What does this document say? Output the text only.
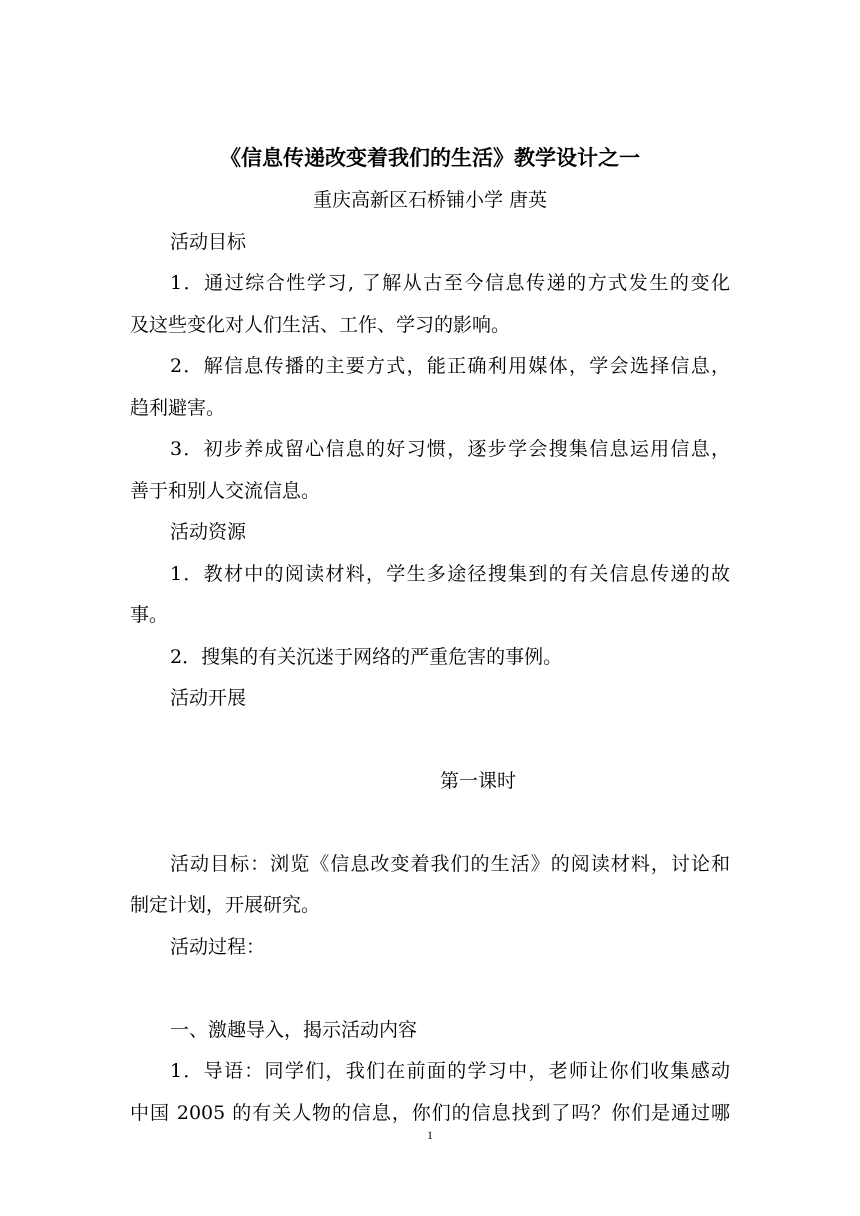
《信息传递改变着我们的生活》教学设计之一
重庆高新区石桥铺小学 唐英
活动目标
1．通过综合性学习, 了解从古至今信息传递的方式发生的变化
及这些变化对人们生活、工作、学习的影响。
2．解信息传播的主要方式，能正确利用媒体，学会选择信息，
趋利避害。
3．初步养成留心信息的好习惯，逐步学会搜集信息运用信息，
善于和别人交流信息。
活动资源
1．教材中的阅读材料，学生多途径搜集到的有关信息传递的故
事。
2．搜集的有关沉迷于网络的严重危害的事例。
活动开展
第一课时
活动目标：浏览《信息改变着我们的生活》的阅读材料，讨论和
制定计划，开展研究。
活动过程：
一、激趣导入，揭示活动内容
1．导语：同学们，我们在前面的学习中，老师让你们收集感动
中国 2005 的有关人物的信息，你们的信息找到了吗？你们是通过哪
1
